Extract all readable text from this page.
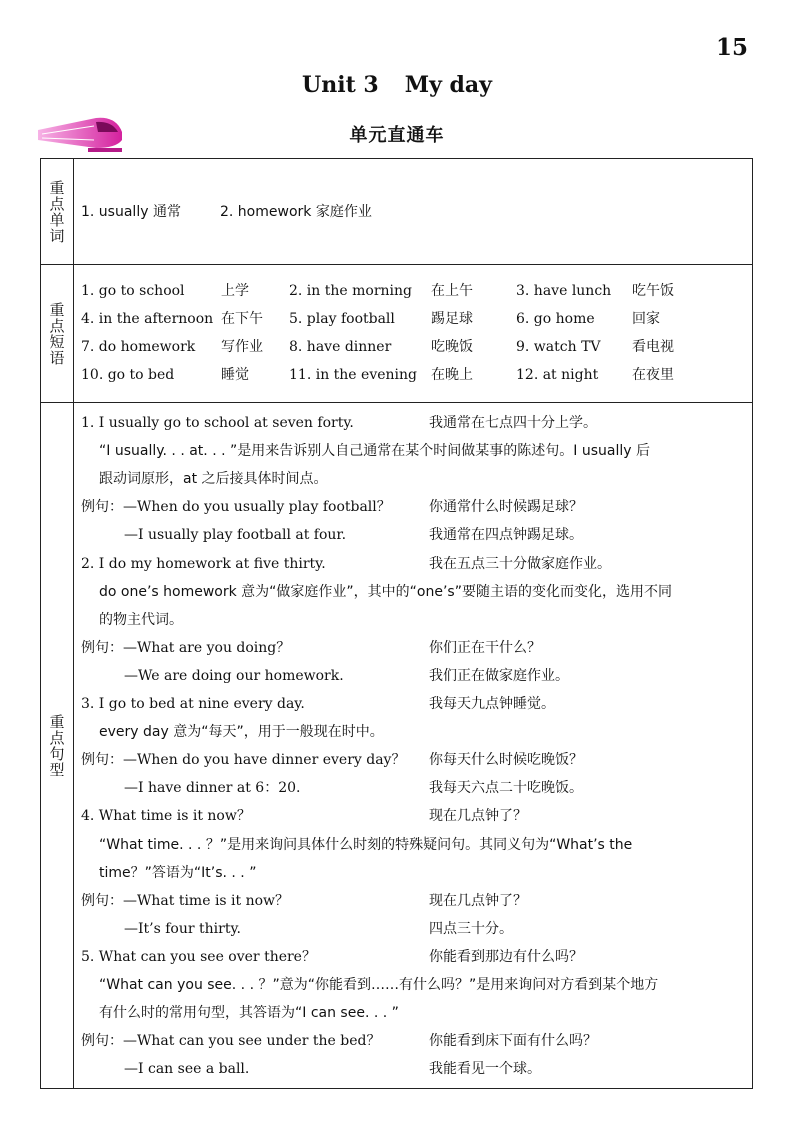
15
Unit 3 My day
单元直通车
重点单词
1. usually 通常	2. homework 家庭作业
重点短语
1. go to school	上学	2. in the morning 在上午	3. have lunch 吃午饭
4. in the afternoon 在下午 5. play football	踢足球	6. go home	回家
7. do homework 写作业 8. have dinner	吃晚饭	9. watch TV 看电视
10. go to bed	睡觉	11. in the evening 在晚上	12. at night 在夜里
重点句型
1. I usually go to school at seven forty.	我通常在七点四十分上学。
“I usually. . . at. . . ”是用来告诉别人自己通常在某个时间做某事的陈述句。I usually 后
跟动词原形，at 之后接具体时间点。
例句：—When do you usually play football？	你通常什么时候踢足球？
—I usually play football at four.	我通常在四点钟踢足球。
2. I do my homework at five thirty.	我在五点三十分做家庭作业。
do one’s homework 意为“做家庭作业”，其中的“one’s”要随主语的变化而变化，选用不同
的物主代词。
例句：—What are you doing？	你们正在干什么？
—We are doing our homework.	我们正在做家庭作业。
3. I go to bed at nine every day.	我每天九点钟睡觉。
every day 意为“每天”，用于一般现在时中。
例句：—When do you have dinner every day？ 你每天什么时候吃晚饭？
—I have dinner at 6：20.	我每天六点二十吃晚饭。
4. What time is it now？	现在几点钟了？
“What time. . . ？”是用来询问具体什么时刻的特殊疑问句。其同义句为“What’s the
time？”答语为“It’s. . . ”
例句：—What time is it now？	现在几点钟了？
—It’s four thirty.	四点三十分。
5. What can you see over there？	你能看到那边有什么吗？
“What can you see. . . ？”意为“你能看到……有什么吗？”是用来询问对方看到某个地方
有什么时的常用句型，其答语为“I can see. . . ”
例句：—What can you see under the bed？	你能看到床下面有什么吗？
—I can see a ball.	我能看见一个球。
